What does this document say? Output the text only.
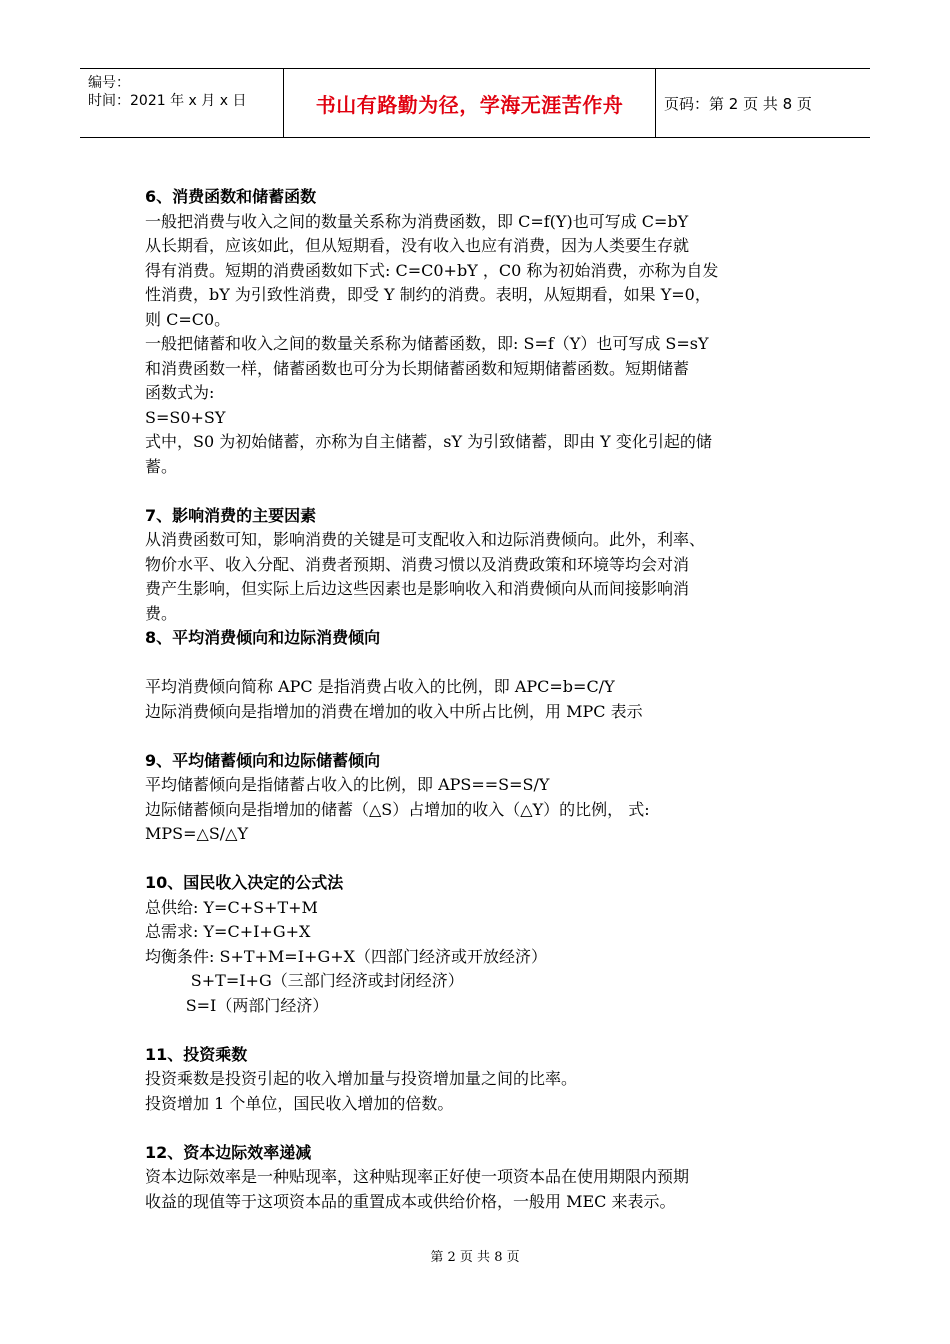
编号：
时间：2021 年 x 月 x 日	书山有路勤为径，学海无涯苦作舟	页码：第 2 页 共 8 页

6、消费函数和储蓄函数

一般把消费与收入之间的数量关系称为消费函数，即 C=f(Y)也可写成 C=bY

从长期看，应该如此，但从短期看，没有收入也应有消费，因为人类要生存就

得有消费。短期的消费函数如下式: C=C0+bY ，C0 称为初始消费，亦称为自发

性消费，bY 为引致性消费，即受 Y 制约的消费。表明，从短期看，如果 Y=0，

则 C=C0。

一般把储蓄和收入之间的数量关系称为储蓄函数，即: S=f（Y）也可写成 S=sY

和消费函数一样，储蓄函数也可分为长期储蓄函数和短期储蓄函数。短期储蓄

函数式为:

S=S0+SY

式中，S0 为初始储蓄，亦称为自主储蓄，sY 为引致储蓄，即由 Y 变化引起的储

蓄。

7、影响消费的主要因素

从消费函数可知，影响消费的关键是可支配收入和边际消费倾向。此外，利率、

物价水平、收入分配、消费者预期、消费习惯以及消费政策和环境等均会对消

费产生影响，但实际上后边这些因素也是影响收入和消费倾向从而间接影响消

费。

8、平均消费倾向和边际消费倾向

平均消费倾向简称 APC 是指消费占收入的比例，即 APC=b=C/Y

边际消费倾向是指增加的消费在增加的收入中所占比例，用 MPC 表示

9、平均储蓄倾向和边际储蓄倾向

平均储蓄倾向是指储蓄占收入的比例，即 APS==S=S/Y

边际储蓄倾向是指增加的储蓄（△S）占增加的收入（△Y）的比例， 式:

MPS=△S/△Y

10、国民收入决定的公式法

总供给: Y=C+S+T+M

总需求: Y=C+I+G+X

均衡条件: S+T+M=I+G+X（四部门经济或开放经济）

S+T=I+G（三部门经济或封闭经济）

S=I（两部门经济）

11、投资乘数

投资乘数是投资引起的收入增加量与投资增加量之间的比率。

投资增加 1 个单位，国民收入增加的倍数。

12、资本边际效率递减

资本边际效率是一种贴现率，这种贴现率正好使一项资本品在使用期限内预期

收益的现值等于这项资本品的重置成本或供给价格，一般用 MEC 来表示。

第 2 页 共 8 页
